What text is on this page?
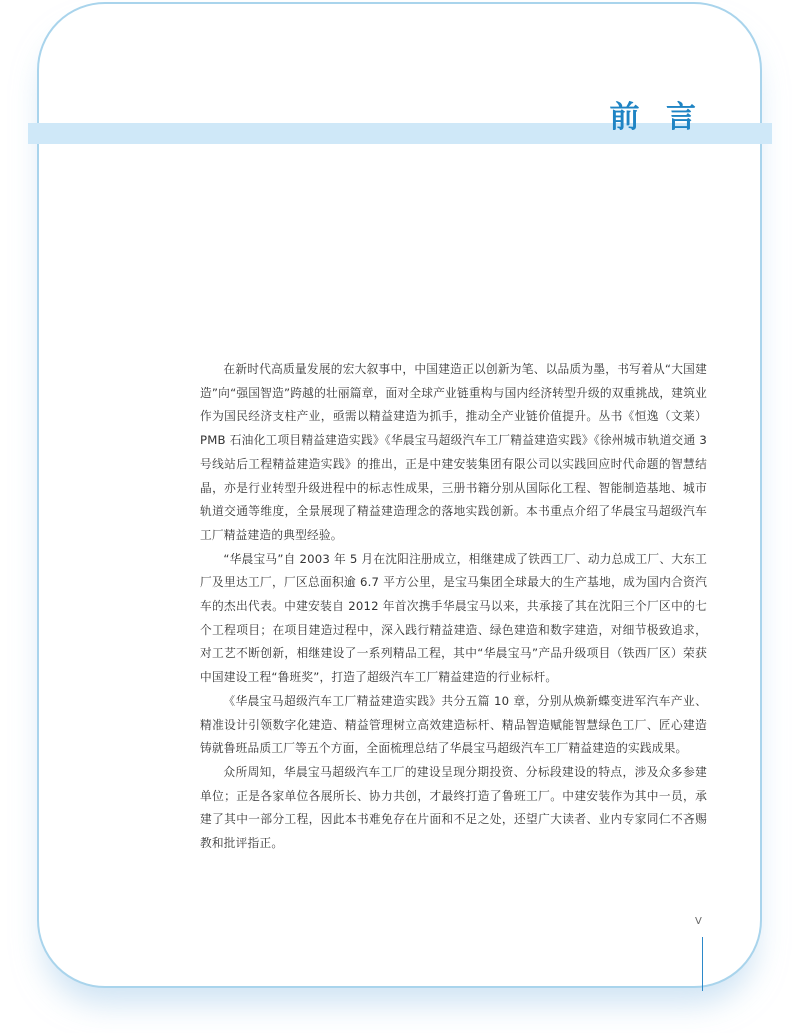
前 言

在新时代高质量发展的宏大叙事中，中国建造正以创新为笔、以品质为墨，书写着从“大国建造”向“强国智造”跨越的壮丽篇章，面对全球产业链重构与国内经济转型升级的双重挑战，建筑业作为国民经济支柱产业，亟需以精益建造为抓手，推动全产业链价值提升。丛书《恒逸（文莱）PMB 石油化工项目精益建造实践》《华晨宝马超级汽车工厂精益建造实践》《徐州城市轨道交通 3 号线站后工程精益建造实践》的推出，正是中建安装集团有限公司以实践回应时代命题的智慧结晶，亦是行业转型升级进程中的标志性成果，三册书籍分别从国际化工程、智能制造基地、城市轨道交通等维度，全景展现了精益建造理念的落地实践创新。本书重点介绍了华晨宝马超级汽车工厂精益建造的典型经验。

“华晨宝马”自 2003 年 5 月在沈阳注册成立，相继建成了铁西工厂、动力总成工厂、大东工厂及里达工厂，厂区总面积逾 6.7 平方公里，是宝马集团全球最大的生产基地，成为国内合资汽车的杰出代表。中建安装自 2012 年首次携手华晨宝马以来，共承接了其在沈阳三个厂区中的七个工程项目；在项目建造过程中，深入践行精益建造、绿色建造和数字建造，对细节极致追求，对工艺不断创新，相继建设了一系列精品工程，其中“华晨宝马”产品升级项目（铁西厂区）荣获中国建设工程“鲁班奖”，打造了超级汽车工厂精益建造的行业标杆。

《华晨宝马超级汽车工厂精益建造实践》共分五篇 10 章，分别从焕新蝶变进军汽车产业、精准设计引领数字化建造、精益管理树立高效建造标杆、精品智造赋能智慧绿色工厂、匠心建造铸就鲁班品质工厂等五个方面，全面梳理总结了华晨宝马超级汽车工厂精益建造的实践成果。

众所周知，华晨宝马超级汽车工厂的建设呈现分期投资、分标段建设的特点，涉及众多参建单位；正是各家单位各展所长、协力共创，才最终打造了鲁班工厂。中建安装作为其中一员，承建了其中一部分工程，因此本书难免存在片面和不足之处，还望广大读者、业内专家同仁不吝赐教和批评指正。

V
